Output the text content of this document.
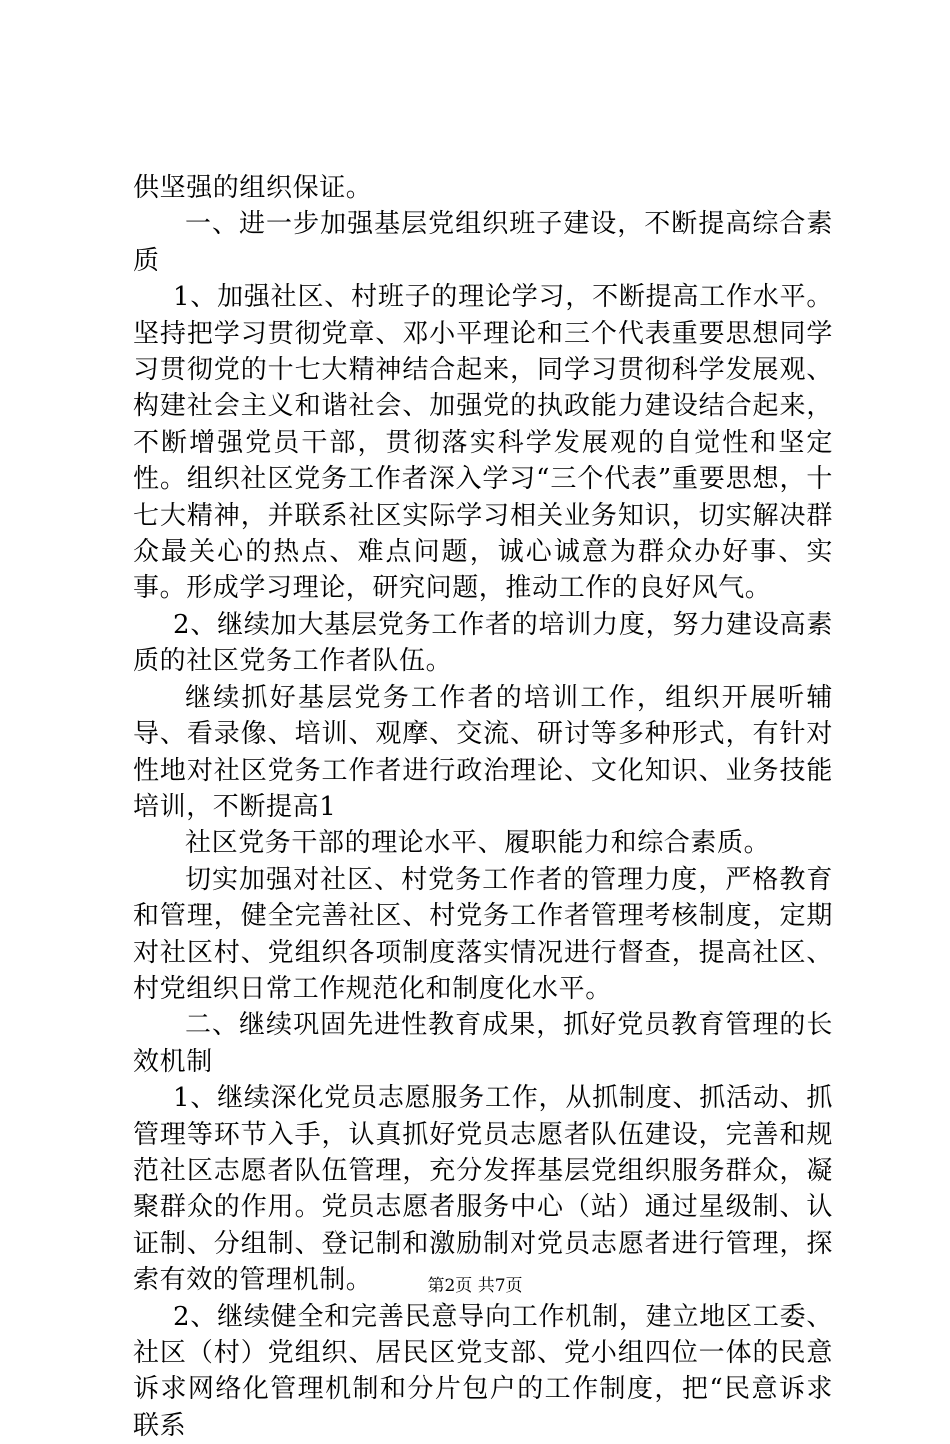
供坚强的组织保证。

一、进一步加强基层党组织班子建设，不断提高综合素质

1、加强社区、村班子的理论学习，不断提高工作水平。坚持把学习贯彻党章、邓小平理论和三个代表重要思想同学习贯彻党的十七大精神结合起来，同学习贯彻科学发展观、构建社会主义和谐社会、加强党的执政能力建设结合起来，不断增强党员干部，贯彻落实科学发展观的自觉性和坚定性。组织社区党务工作者深入学习“三个代表”重要思想，十七大精神，并联系社区实际学习相关业务知识，切实解决群众最关心的热点、难点问题，诚心诚意为群众办好事、实事。形成学习理论，研究问题，推动工作的良好风气。

2、继续加大基层党务工作者的培训力度，努力建设高素质的社区党务工作者队伍。

继续抓好基层党务工作者的培训工作，组织开展听辅导、看录像、培训、观摩、交流、研讨等多种形式，有针对性地对社区党务工作者进行政治理论、文化知识、业务技能培训，不断提高1

社区党务干部的理论水平、履职能力和综合素质。

切实加强对社区、村党务工作者的管理力度，严格教育和管理，健全完善社区、村党务工作者管理考核制度，定期对社区村、党组织各项制度落实情况进行督查，提高社区、村党组织日常工作规范化和制度化水平。

二、继续巩固先进性教育成果，抓好党员教育管理的长效机制

1、继续深化党员志愿服务工作，从抓制度、抓活动、抓管理等环节入手，认真抓好党员志愿者队伍建设，完善和规范社区志愿者队伍管理，充分发挥基层党组织服务群众，凝聚群众的作用。党员志愿者服务中心（站）通过星级制、认证制、分组制、登记制和激励制对党员志愿者进行管理，探索有效的管理机制。

2、继续健全和完善民意导向工作机制，建立地区工委、社区（村）党组织、居民区党支部、党小组四位一体的民意诉求网络化管理机制和分片包户的工作制度，把“民意诉求联系

第2页 共7页
